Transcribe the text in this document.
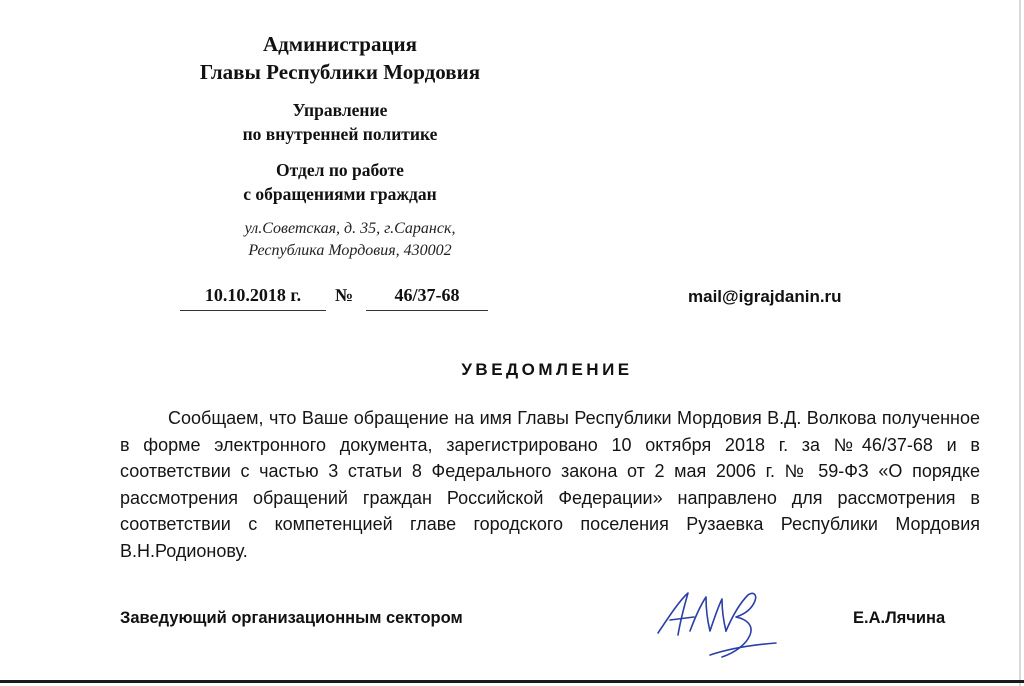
Администрация
Главы Республики Мордовия
Управление
по внутренней политике
Отдел по работе
с обращениями граждан
ул.Советская, д. 35, г.Саранск,
Республика Мордовия, 430002
10.10.2018 г.	№	46/37-68	mail@igrajdanin.ru
УВЕДОМЛЕНИЕ
Сообщаем, что Ваше обращение на имя Главы Республики Мордовия В.Д. Волкова полученное в форме электронного документа, зарегистрировано 10 октября 2018 г. за №46/37-68 и в соответствии с частью 3 статьи 8 Федерального закона от 2 мая 2006 г. № 59-ФЗ «О порядке рассмотрения обращений граждан Российской Федерации» направлено для рассмотрения в соответствии с компетенцией главе городского поселения Рузаевка Республики Мордовия В.Н.Родионову.
Заведующий организационным сектором	Е.А.Лячина
